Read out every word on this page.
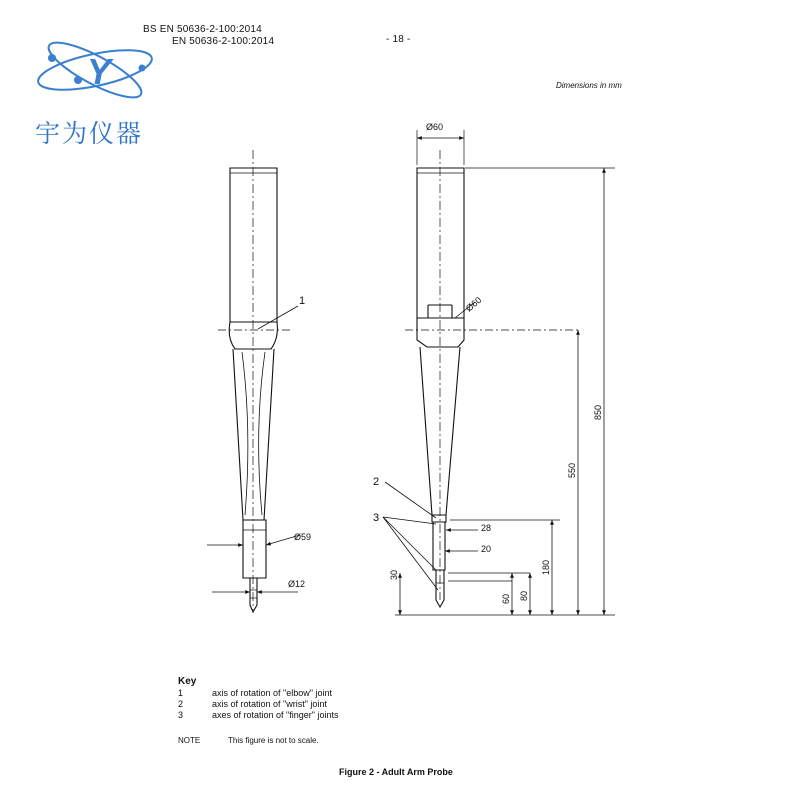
BS EN 50636-2-100:2014
EN 50636-2-100:2014	- 18 -
Dimensions in mm
Y
宇为仪器
1
2
3
Ø60
Ø60
Ø59
Ø12
850
550
180
80
60
30
28
20
Key
1	axis of rotation of "elbow" joint
2	axis of rotation of "wrist" joint
3	axes of rotation of "finger" joints
NOTE	This figure is not to scale.
Figure 2 - Adult Arm Probe
